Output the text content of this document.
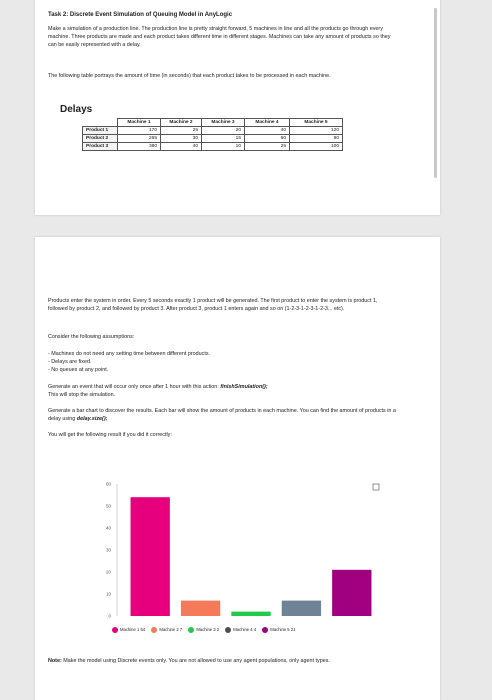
Task 2: Discrete Event Simulation of Queuing Model in AnyLogic
Make a simulation of a production line. The production line is pretty straight forward, 5 machines in line and all the products go through every machine. Three products are made and each product takes different time in different stages. Machines can take any amount of products so they can be easily represented with a delay.
The following table portrays the amount of time (in seconds) that each product takes to be processed in each machine.
Delays
	Machine 1	Machine 2	Machine 3	Machine 4	Machine 5
Product 1	170	25	20	40	120
Product 2	265	30	15	50	90
Product 3	380	40	10	25	100
Products enter the system in order. Every 5 seconds exactly 1 product will be generated. The first product to enter the system is product 1, followed by product 2, and followed by product 3. After product 3, product 1 enters again and so on (1-2-3-1-2-3-1-2-3... etc).
Consider the following assumptions:
- Machines do not need any setting time between different products.
- Delays are fixed.
- No queues at any point.
Generate an event that will occur only once after 1 hour with this action: finishSimulation();
This will stop the simulation.
Generate a bar chart to discover the results. Each bar will show the amount of products in each machine. You can find the amount of products in a delay using delay.size();
You will get the following result if you did it correctly:
0
10
20
30
40
50
60
Machine 1 54	Machine 2 7	Machine 3 2	Machine 4 4	Machine 5 21
Note: Make the model using Discrete events only. You are not allowed to use any agent populations, only agent types.
